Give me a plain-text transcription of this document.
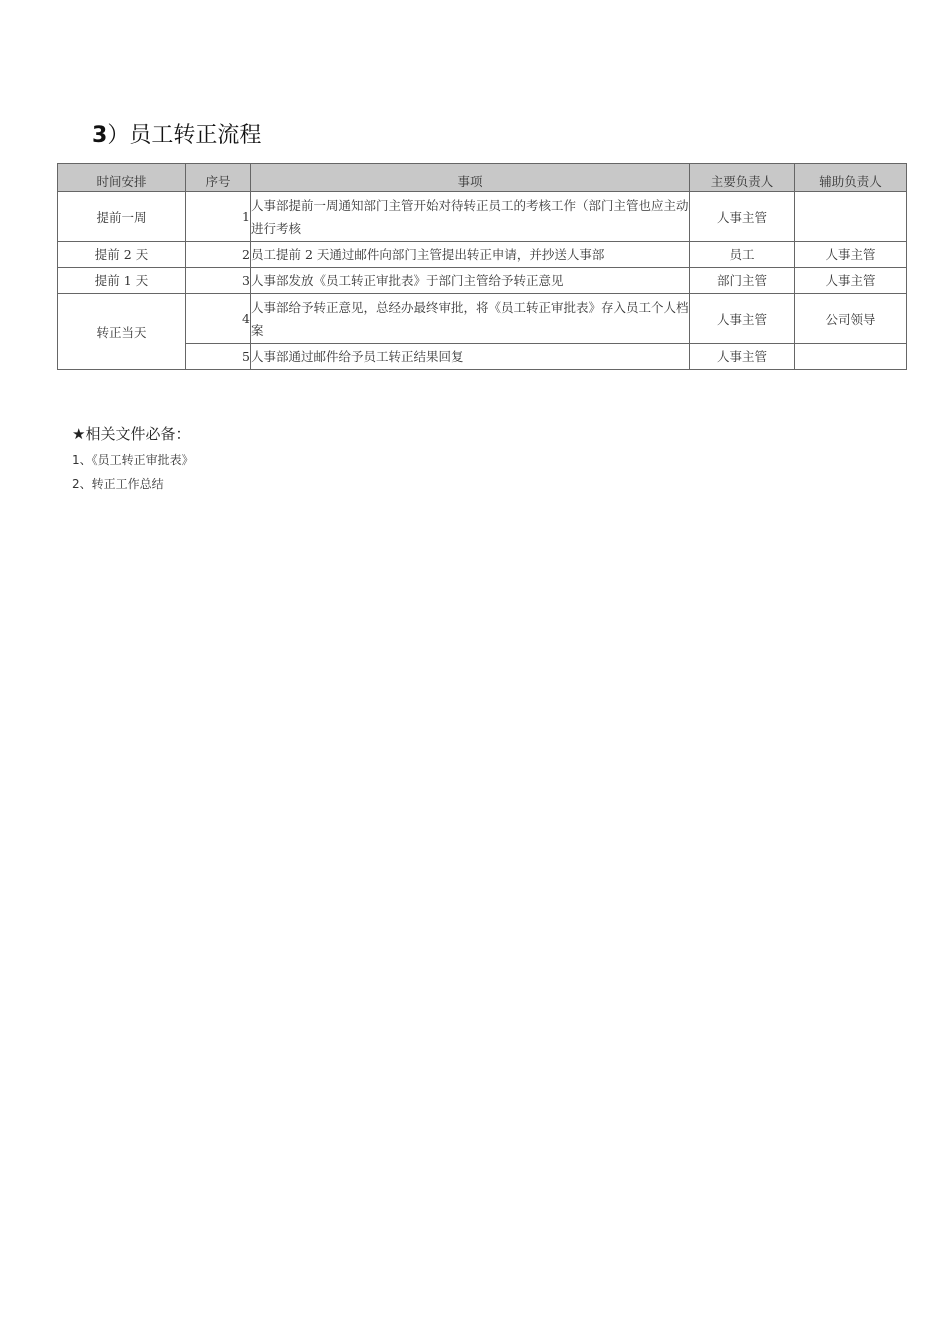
3）员工转正流程
时间安排	序号	事项	主要负责人	辅助负责人
提前一周	1	人事部提前一周通知部门主管开始对待转正员工的考核工作（部门主管也应主动进行考核	人事主管	
提前 2 天	2	员工提前 2 天通过邮件向部门主管提出转正申请，并抄送人事部	员工	人事主管
提前 1 天	3	人事部发放《员工转正审批表》于部门主管给予转正意见	部门主管	人事主管
转正当天	4	人事部给予转正意见，总经办最终审批，将《员工转正审批表》存入员工个人档案	人事主管	公司领导
	5	人事部通过邮件给予员工转正结果回复	人事主管	
★相关文件必备：
1、《员工转正审批表》
2、转正工作总结
